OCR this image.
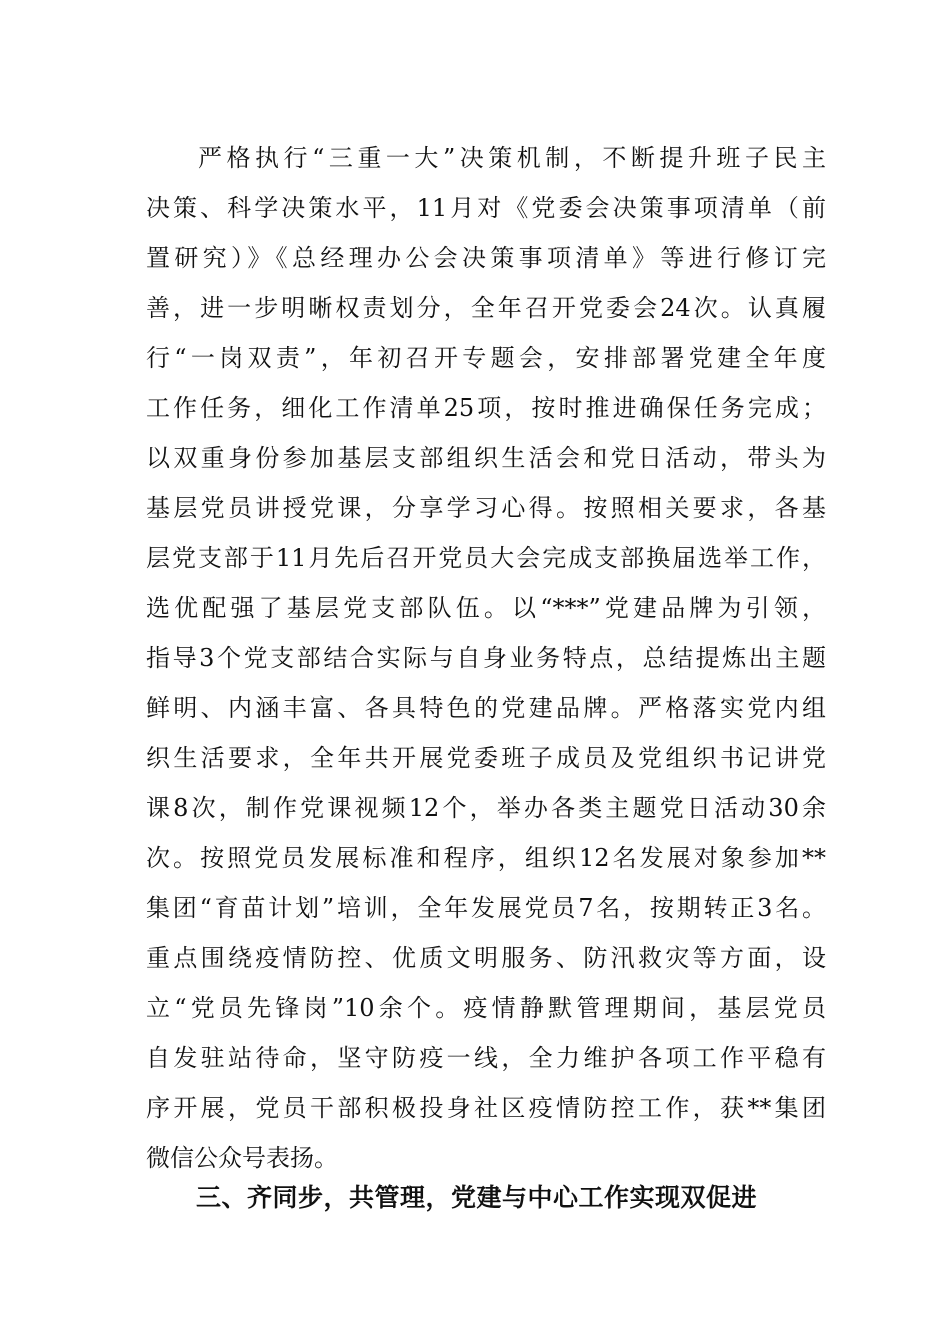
严格执行“三重一大”决策机制，不断提升班子民主
决策、科学决策水平，11月对《党委会决策事项清单（前
置研究）》《总经理办公会决策事项清单》等进行修订完
善，进一步明晰权责划分，全年召开党委会24次。认真履
行“一岗双责”，年初召开专题会，安排部署党建全年度
工作任务，细化工作清单25项，按时推进确保任务完成；
以双重身份参加基层支部组织生活会和党日活动，带头为
基层党员讲授党课，分享学习心得。按照相关要求，各基
层党支部于11月先后召开党员大会完成支部换届选举工作，
选优配强了基层党支部队伍。以“***”党建品牌为引领，
指导3个党支部结合实际与自身业务特点，总结提炼出主题
鲜明、内涵丰富、各具特色的党建品牌。严格落实党内组
织生活要求，全年共开展党委班子成员及党组织书记讲党
课8次，制作党课视频12个，举办各类主题党日活动30余
次。按照党员发展标准和程序，组织12名发展对象参加**
集团“育苗计划”培训，全年发展党员7名，按期转正3名。
重点围绕疫情防控、优质文明服务、防汛救灾等方面，设
立“党员先锋岗”10余个。疫情静默管理期间，基层党员
自发驻站待命，坚守防疫一线，全力维护各项工作平稳有
序开展，党员干部积极投身社区疫情防控工作，获**集团
微信公众号表扬。

三、齐同步，共管理，党建与中心工作实现双促进
